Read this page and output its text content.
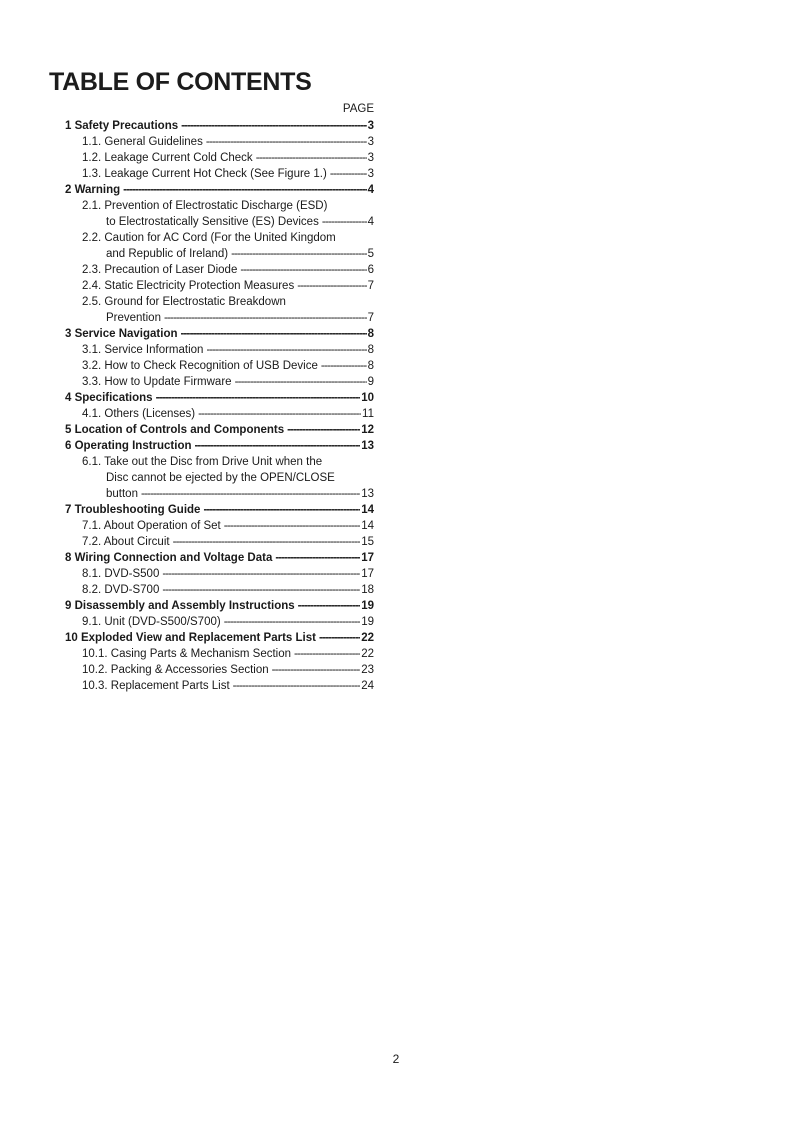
TABLE OF CONTENTS
PAGE
1 Safety Precautions -----	3
1.1. General Guidelines -----	3
1.2. Leakage Current Cold Check -----	3
1.3. Leakage Current Hot Check (See Figure 1.) -----	3
2 Warning -----	4
2.1. Prevention of Electrostatic Discharge (ESD)
to Electrostatically Sensitive (ES) Devices -----	4
2.2. Caution for AC Cord (For the United Kingdom
and Republic of Ireland) -----	5
2.3. Precaution of Laser Diode -----	6
2.4. Static Electricity Protection Measures -----	7
2.5. Ground for Electrostatic Breakdown
Prevention -----	7
3 Service Navigation -----	8
3.1. Service Information -----	8
3.2. How to Check Recognition of USB Device -----	8
3.3. How to Update Firmware -----	9
4 Specifications -----	10
4.1. Others (Licenses) -----	11
5 Location of Controls and Components -----	12
6 Operating Instruction -----	13
6.1. Take out the Disc from Drive Unit when the
Disc cannot be ejected by the OPEN/CLOSE
button -----	13
7 Troubleshooting Guide -----	14
7.1. About Operation of Set -----	14
7.2. About Circuit -----	15
8 Wiring Connection and Voltage Data -----	17
8.1. DVD-S500 -----	17
8.2. DVD-S700 -----	18
9 Disassembly and Assembly Instructions -----	19
9.1. Unit (DVD-S500/S700) -----	19
10 Exploded View and Replacement Parts List -----	22
10.1. Casing Parts & Mechanism Section -----	22
10.2. Packing & Accessories Section -----	23
10.3. Replacement Parts List -----	24
2
